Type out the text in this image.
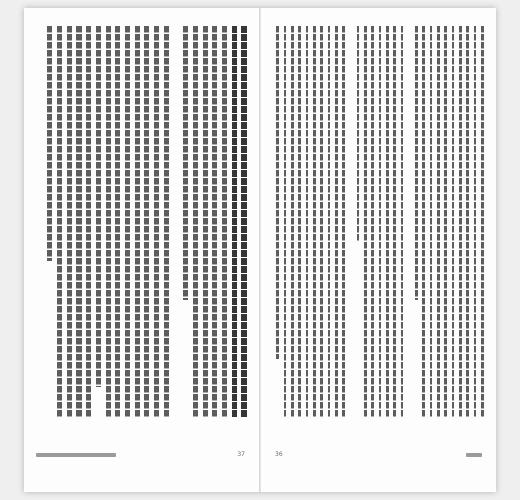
37	36
